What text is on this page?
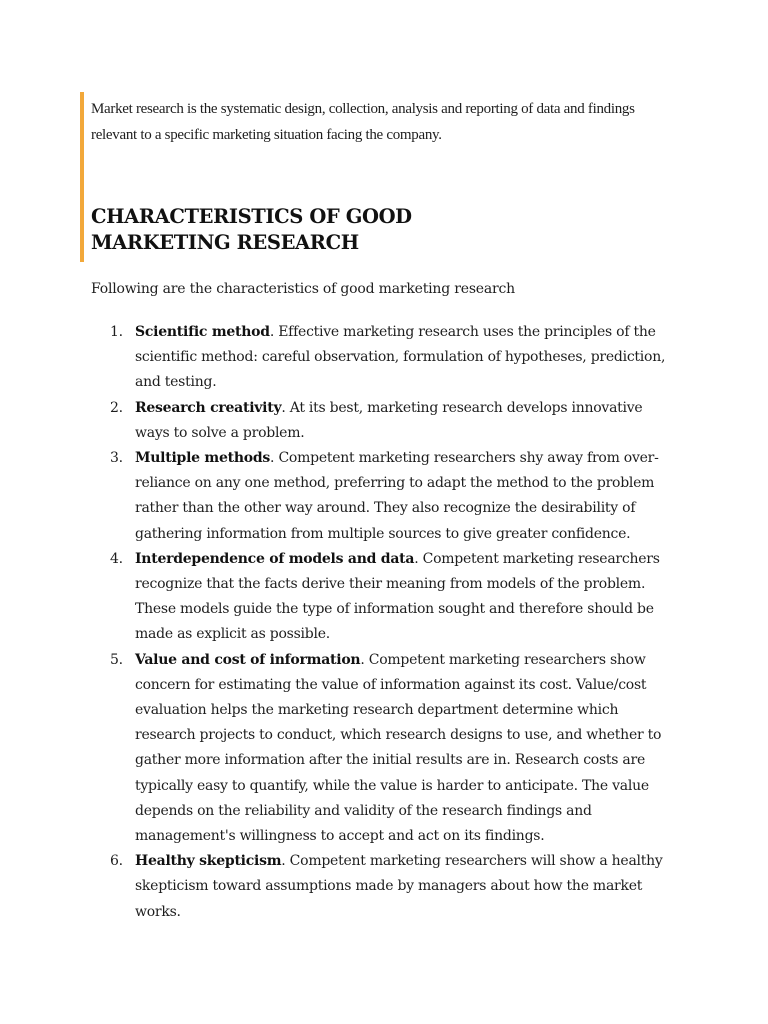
Market research is the systematic design, collection, analysis and reporting of data and findings relevant to a specific marketing situation facing the company.

CHARACTERISTICS OF GOOD
MARKETING RESEARCH

Following are the characteristics of good marketing research

1. Scientific method. Effective marketing research uses the principles of the scientific method: careful observation, formulation of hypotheses, prediction, and testing.
2. Research creativity. At its best, marketing research develops innovative ways to solve a problem.
3. Multiple methods. Competent marketing researchers shy away from over-reliance on any one method, preferring to adapt the method to the problem rather than the other way around. They also recognize the desirability of gathering information from multiple sources to give greater confidence.
4. Interdependence of models and data. Competent marketing researchers recognize that the facts derive their meaning from models of the problem. These models guide the type of information sought and therefore should be made as explicit as possible.
5. Value and cost of information. Competent marketing researchers show concern for estimating the value of information against its cost. Value/cost evaluation helps the marketing research department determine which research projects to conduct, which research designs to use, and whether to gather more information after the initial results are in. Research costs are typically easy to quantify, while the value is harder to anticipate. The value depends on the reliability and validity of the research findings and management's willingness to accept and act on its findings.
6. Healthy skepticism. Competent marketing researchers will show a healthy skepticism toward assumptions made by managers about how the market works.
